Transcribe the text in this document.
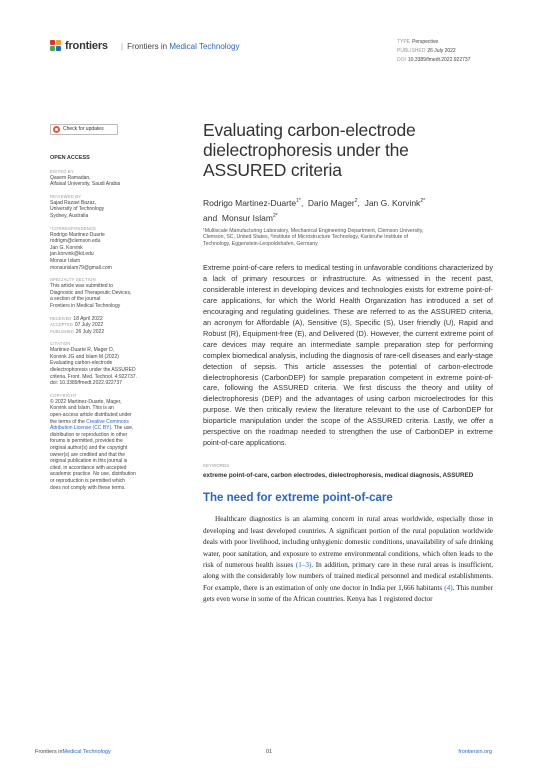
frontiers | Frontiers in Medical Technology	TYPE Perspective
PUBLISHED 26 July 2022
DOI 10.3389/fmedt.2022.922737
Check for updates
OPEN ACCESS
EDITED BY
Qasem Ramadan,
Alfaisal University, Saudi Arabia
REVIEWED BY
Sajad Razavi Bazaz,
University of Technology
Sydney, Australia
*CORRESPONDENCE
Rodrigo Martinez-Duarte
rodrigm@clemson.edu
Jan G. Korvink
jan.korvink@kit.edu
Monsur Islam
monsurislam79@gmail.com
SPECIALTY SECTION
This article was submitted to
Diagnostic and Therapeutic Devices,
a section of the journal
Frontiers in Medical Technology
RECEIVED 18 April 2022
ACCEPTED 07 July 2022
PUBLISHED 26 July 2022
CITATION
Martinez-Duarte R, Mager D,
Korvink JG and Islam M (2022)
Evaluating carbon-electrode
dielectrophoresis under the ASSURED
criteria. Front. Med. Technol. 4:922737.
doi: 10.3389/fmedt.2022.922737
COPYRIGHT
© 2022 Martinez-Duarte, Mager,
Korvink and Islam. This is an
open-access article distributed under
the terms of the Creative Commons
Attribution License (CC BY). The use,
distribution or reproduction in other
forums is permitted, provided the
original author(s) and the copyright
owner(s) are credited and that the
original publication in this journal is
cited, in accordance with accepted
academic practice. No use, distribution
or reproduction is permitted which
does not comply with these terms.
Evaluating carbon-electrode
dielectrophoresis under the
ASSURED criteria
Rodrigo Martinez-Duarte$^{1*}$,  Dario Mager$^2$,  Jan G. Korvink$^{2*}$
and Monsur Islam$^{2*}$
¹Multiscale Manufacturing Laboratory, Mechanical Engineering Department, Clemson University,
Clemson, SC, United States, ²Institute of Microstructure Technology, Karlsruhe Institute of
Technology, Eggenstein-Leopoldshafen, Germany

Extreme point-of-care refers to medical testing in unfavorable conditions characterized by a lack of primary resources or infrastructure. As witnessed in the recent past, considerable interest in developing devices and technologies exists for extreme point-of-care applications, for which the World Health Organization has introduced a set of encouraging and regulating guidelines. These are referred to as the ASSURED criteria, an acronym for Affordable (A), Sensitive (S), Specific (S), User friendly (U), Rapid and Robust (R), Equipment-free (E), and Delivered (D). However, the current extreme point of care devices may require an intermediate sample preparation step for performing complex biomedical analysis, including the diagnosis of rare-cell diseases and early-stage detection of sepsis. This article assesses the potential of carbon-electrode dielectrophoresis (CarbonDEP) for sample preparation competent in extreme point-of-care, following the ASSURED criteria. We first discuss the theory and utility of dielectrophoresis (DEP) and the advantages of using carbon microelectrodes for this purpose. We then critically review the literature relevant to the use of CarbonDEP for bioparticle manipulation under the scope of the ASSURED criteria. Lastly, we offer a perspective on the roadmap needed to strengthen the use of CarbonDEP in extreme point-of-care applications.

KEYWORDS
extreme point-of-care, carbon electrodes, dielectrophoresis, medical diagnosis, ASSURED
The need for extreme point-of-care

Healthcare diagnostics is an alarming concern in rural areas worldwide, especially those in developing and least developed countries. A significant portion of the rural population worldwide deals with poor livelihood, including unhygienic domestic conditions, unavailability of safe drinking water, poor sanitation, and exposure to extreme environmental conditions, which often leads to the risk of numerous health issues (1–3). In addition, primary care in these rural areas is insufficient, along with the considerably low numbers of trained medical personnel and medical establishments. For example, there is an estimation of only one doctor in India per 1,666 habitants (4). This number gets even worse in some of the African countries. Kenya has 1 registered doctor

Frontiers inMedical Technology	01	frontiersin.org
